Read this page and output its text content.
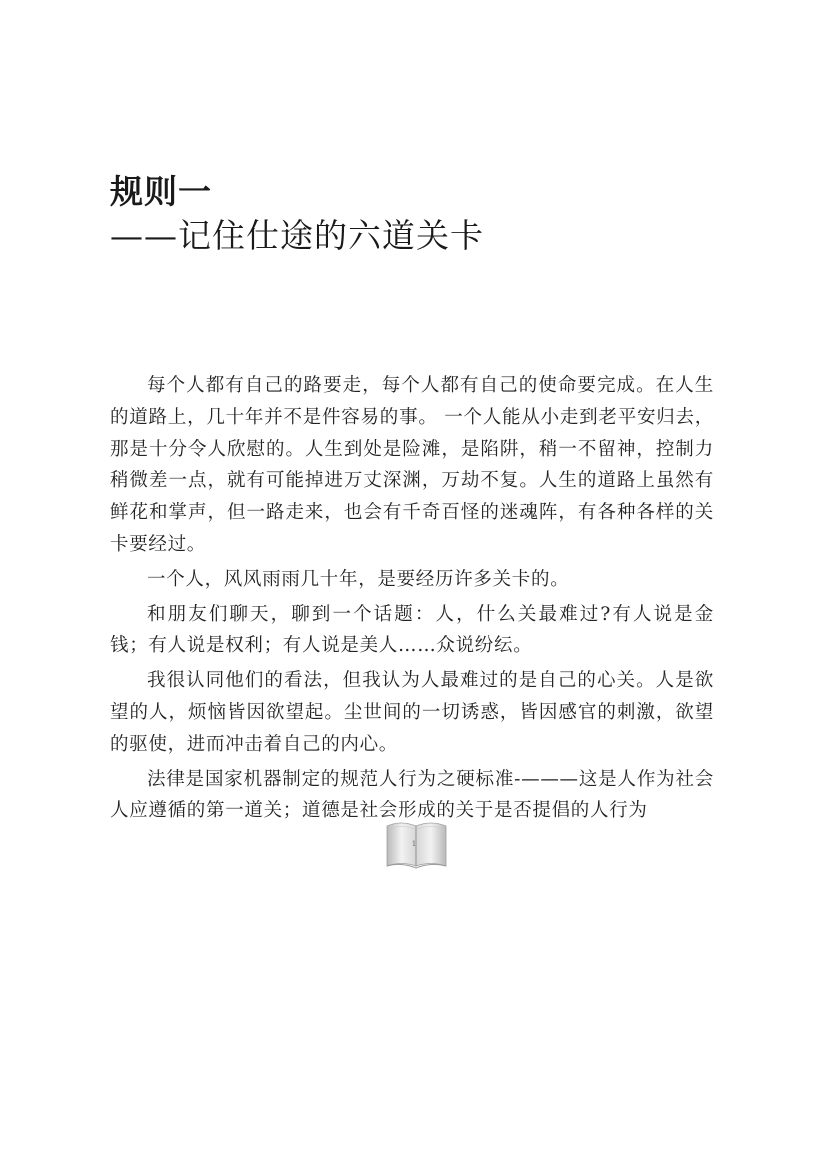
规则一
——记住仕途的六道关卡

每个人都有自己的路要走，每个人都有自己的使命要完成。在人生的道路上，几十年并不是件容易的事。 一个人能从小走到老平安归去，那是十分令人欣慰的。人生到处是险滩，是陷阱，稍一不留神，控制力稍微差一点，就有可能掉进万丈深渊，万劫不复。人生的道路上虽然有鲜花和掌声，但一路走来，也会有千奇百怪的迷魂阵，有各种各样的关卡要经过。

一个人，风风雨雨几十年，是要经历许多关卡的。

和朋友们聊天，聊到一个话题：人，什么关最难过?有人说是金钱；有人说是权利；有人说是美人……众说纷纭。

我很认同他们的看法，但我认为人最难过的是自己的心关。人是欲望的人，烦恼皆因欲望起。尘世间的一切诱惑，皆因感官的刺激，欲望的驱使，进而冲击着自己的内心。

法律是国家机器制定的规范人行为之硬标准-———这是人作为社会人应遵循的第一道关；道德是社会形成的关于是否提倡的人行为

1
